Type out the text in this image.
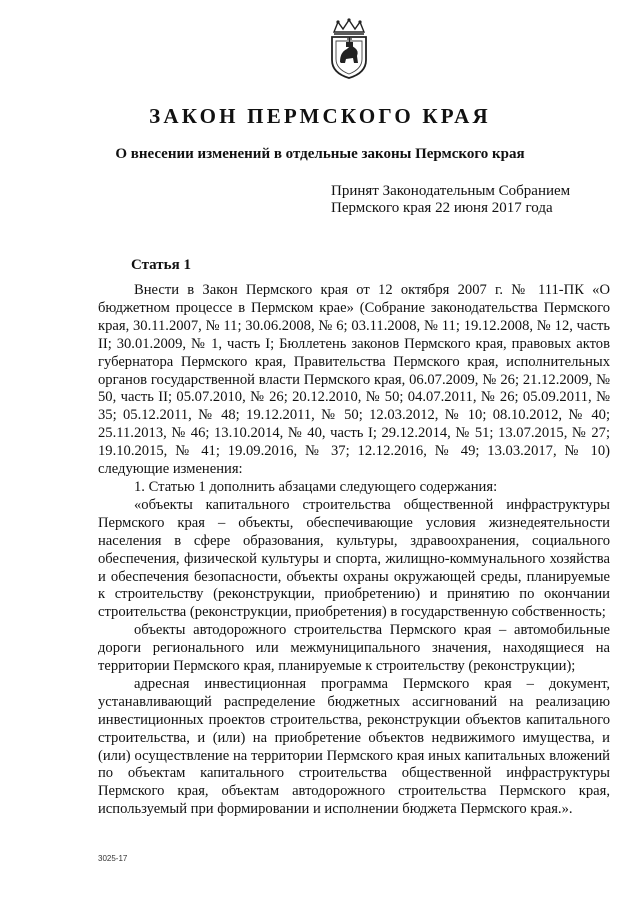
ЗАКОН ПЕРМСКОГО КРАЯ
О внесении изменений в отдельные законы Пермского края
Принят Законодательным Собранием
Пермского края 22 июня 2017 года
Статья 1

Внести в Закон Пермского края от 12 октября 2007 г. № 111-ПК «О бюджетном процессе в Пермском крае» (Собрание законодательства Пермского края, 30.11.2007, № 11; 30.06.2008, № 6; 03.11.2008, № 11; 19.12.2008, № 12, часть II; 30.01.2009, № 1, часть I; Бюллетень законов Пермского края, правовых актов губернатора Пермского края, Правительства Пермского края, исполнительных органов государственной власти Пермского края, 06.07.2009, № 26; 21.12.2009, № 50, часть II; 05.07.2010, № 26; 20.12.2010, № 50; 04.07.2011, № 26; 05.09.2011, № 35; 05.12.2011, № 48; 19.12.2011, № 50; 12.03.2012, № 10; 08.10.2012, № 40; 25.11.2013, № 46; 13.10.2014, № 40, часть I; 29.12.2014, № 51; 13.07.2015, № 27; 19.10.2015, № 41; 19.09.2016, № 37; 12.12.2016, № 49; 13.03.2017, № 10) следующие изменения:

1. Статью 1 дополнить абзацами следующего содержания:

«объекты капитального строительства общественной инфраструктуры Пермского края – объекты, обеспечивающие условия жизнедеятельности населения в сфере образования, культуры, здравоохранения, социального обеспечения, физической культуры и спорта, жилищно-коммунального хозяйства и обеспечения безопасности, объекты охраны окружающей среды, планируемые к строительству (реконструкции, приобретению) и принятию по окончании строительства (реконструкции, приобретения) в государственную собственность;

объекты автодорожного строительства Пермского края – автомобильные дороги регионального или межмуниципального значения, находящиеся на территории Пермского края, планируемые к строительству (реконструкции);

адресная инвестиционная программа Пермского края – документ, устанавливающий распределение бюджетных ассигнований на реализацию инвестиционных проектов строительства, реконструкции объектов капитального строительства, и (или) на приобретение объектов недвижимого имущества, и (или) осуществление на территории Пермского края иных капитальных вложений по объектам капитального строительства общественной инфраструктуры Пермского края, объектам автодорожного строительства Пермского края, используемый при формировании и исполнении бюджета Пермского края.».

3025-17
